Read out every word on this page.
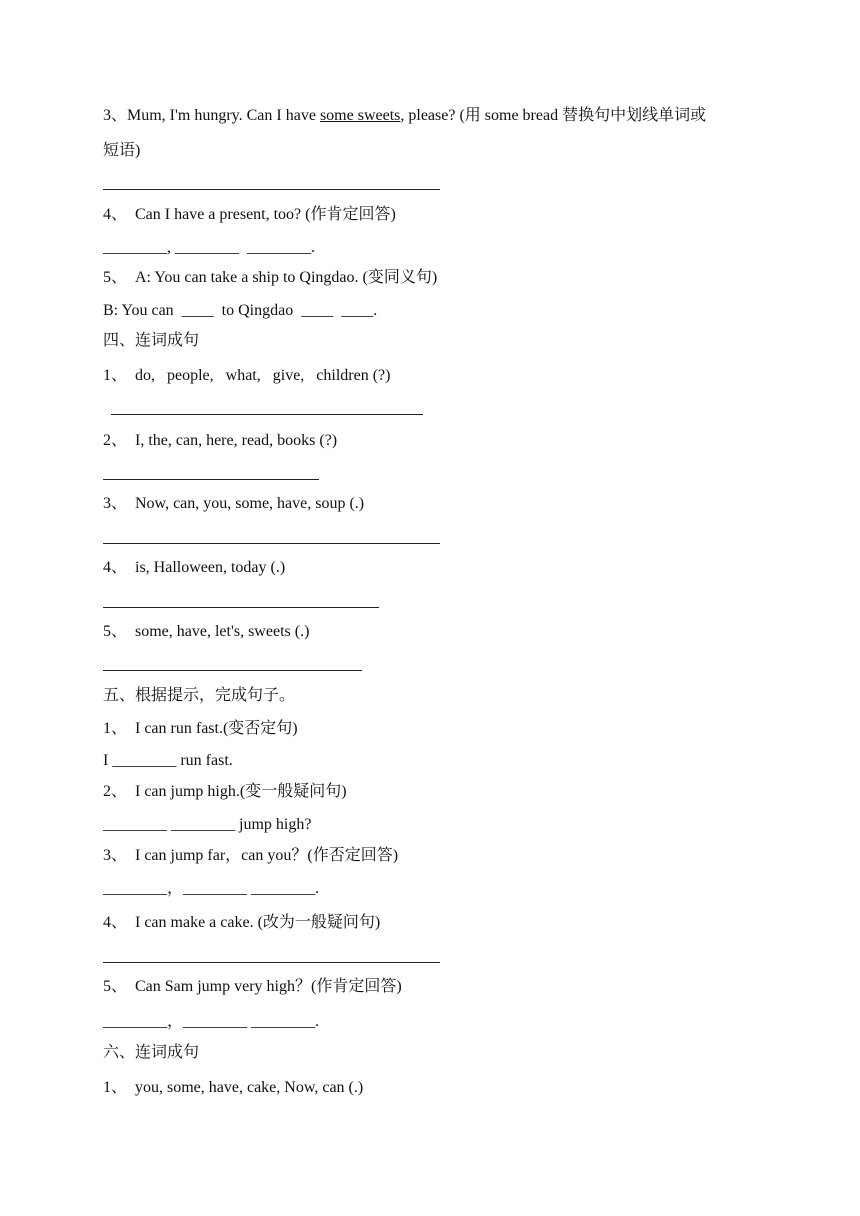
3、Mum, I'm hungry. Can I have some sweets, please? (用 some bread 替换句中划线单词或
短语)
4、  Can I have a present, too? (作肯定回答)
________, ________  ________.
5、  A: You can take a ship to Qingdao. (变同义句)
B: You can  ____  to Qingdao  ____  ____.
四、连词成句
1、  do,   people,   what,   give,   children (?)
2、  I, the, can, here, read, books (?)
3、  Now, can, you, some, have, soup (.)
4、  is, Halloween, today (.)
5、  some, have, let's, sweets (.)
五、根据提示，完成句子。
1、  I can run fast.(变否定句)
I ________ run fast.
2、  I can jump high.(变一般疑问句)
________ ________ jump high?
3、  I can jump far，can you？(作否定回答)
________，________ ________.
4、  I can make a cake. (改为一般疑问句)
5、  Can Sam jump very high？(作肯定回答)
________，________ ________.
六、连词成句
1、  you, some, have, cake, Now, can (.)
